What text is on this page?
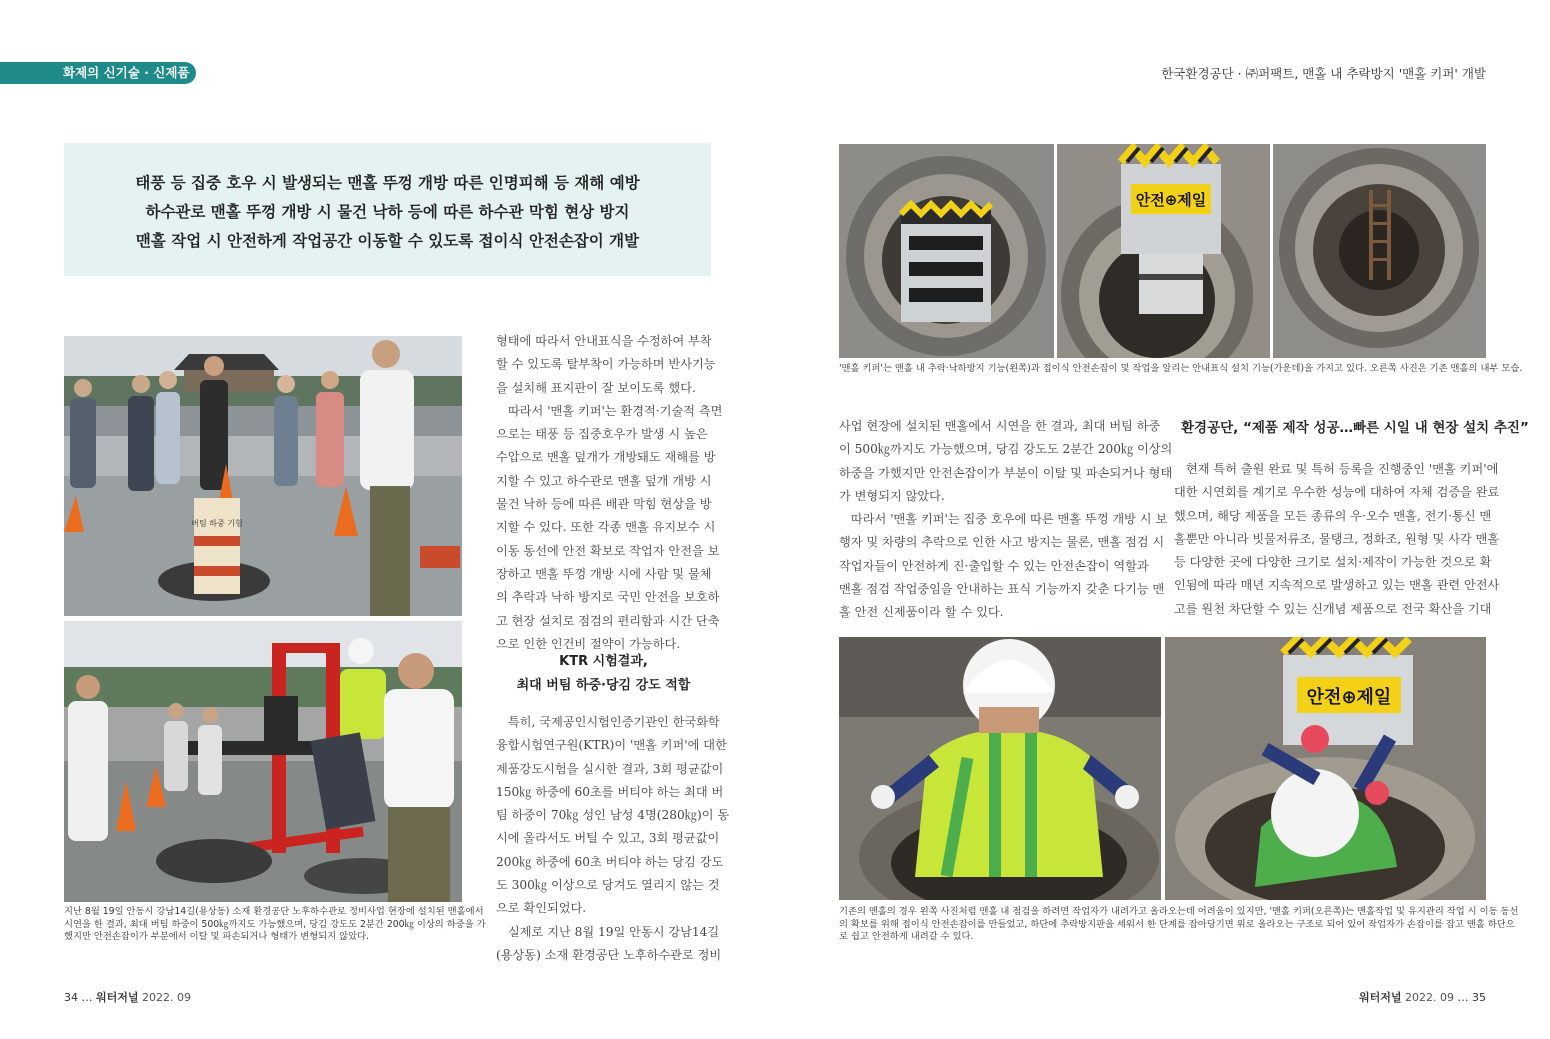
화제의 신기술 · 신제품	한국환경공단 · ㈜퍼팩트, 맨홀 내 추락방지 '맨홀 키퍼' 개발
태풍 등 집중 호우 시 발생되는 맨홀 뚜껑 개방 따른 인명피해 등 재해 예방
하수관로 맨홀 뚜껑 개방 시 물건 낙하 등에 따른 하수관 막힘 현상 방지
맨홀 작업 시 안전하게 작업공간 이동할 수 있도록 접이식 안전손잡이 개발
버팀 하중 기험
지난 8월 19일 안동시 강남14길(용상동) 소재 환경공단 노후하수관로 정비사업 현장에 설치된 맨홀에서
시연을 한 결과, 최대 버팀 하중이 500㎏까지도 가능했으며, 당김 강도도 2분간 200㎏ 이상의 하중을 가
했지만 안전손잡이가 부분에서 이탈 및 파손되거나 형태가 변형되지 않았다.

형태에 따라서 안내표식을 수정하여 부착

할 수 있도록 탈부착이 가능하며 반사기능

을 설치해 표지판이 잘 보이도록 했다.

따라서 '맨홀 키퍼'는 환경적·기술적 측면

으로는 태풍 등 집중호우가 발생 시 높은

수압으로 맨홀 덮개가 개방돼도 재해를 방

지할 수 있고 하수관로 맨홀 덮개 개방 시

물건 낙하 등에 따른 배관 막힘 현상을 방

지할 수 있다. 또한 각종 맨홀 유지보수 시

이동 동선에 안전 확보로 작업자 안전을 보

장하고 맨홀 뚜껑 개방 시에 사람 및 물체

의 추락과 낙하 방지로 국민 안전을 보호하

고 현장 설치로 점검의 편리함과 시간 단축

으로 인한 인건비 절약이 가능하다.

KTR 시험결과,
최대 버팀 하중·당김 강도 적합

특히, 국제공인시험인증기관인 한국화학

융합시험연구원(KTR)이 '맨홀 키퍼'에 대한

제품강도시험을 실시한 결과, 3회 평균값이

150㎏ 하중에 60초를 버티야 하는 최대 버

팀 하중이 70㎏ 성인 남성 4명(280㎏)이 동

시에 올라서도 버틸 수 있고, 3회 평균값이

200㎏ 하중에 60초 버티야 하는 당김 강도

도 300㎏ 이상으로 당겨도 열리지 않는 것

으로 확인되었다.

실제로 지난 8월 19일 안동시 강남14길

(용상동) 소재 환경공단 노후하수관로 정비

안전⊕제일
'맨홀 키퍼'는 맨홀 내 추락·낙하방지 기능(왼쪽)과 접이식 안전손잡이 및 작업을 알리는 안내표식 설치 기능(가운데)을 가지고 있다. 오른쪽 사진은 기존 맨홀의 내부 모습.

사업 현장에 설치된 맨홀에서 시연을 한 결과, 최대 버팀 하중

이 500㎏까지도 가능했으며, 당김 강도도 2분간 200㎏ 이상의

하중을 가했지만 안전손잡이가 부분이 이탈 및 파손되거나 형태

가 변형되지 않았다.

따라서 '맨홀 키퍼'는 집중 호우에 따른 맨홀 뚜껑 개방 시 보

행자 및 차량의 추락으로 인한 사고 방지는 물론, 맨홀 점검 시

작업자들이 안전하게 진·출입할 수 있는 안전손잡이 역할과

맨홀 점검 작업중임을 안내하는 표식 기능까지 갖춘 다기능 맨

홀 안전 신제품이라 할 수 있다.

환경공단, “제품 제작 성공…빠른 시일 내 현장 설치 추진”

현재 특허 출원 완료 및 특허 등록을 진행중인 '맨홀 키퍼'에

대한 시연회를 계기로 우수한 성능에 대하여 자체 검증을 완료

했으며, 해당 제품을 모든 종류의 우·오수 맨홀, 전기·통신 맨

홀뿐만 아니라 빗물저류조, 물탱크, 정화조, 원형 및 사각 맨홀

등 다양한 곳에 다양한 크기로 설치·제작이 가능한 것으로 확

인됨에 따라 매년 지속적으로 발생하고 있는 맨홀 관련 안전사

고를 원천 차단할 수 있는 신개념 제품으로 전국 확산을 기대

안전⊕제일
기존의 맨홀의 경우 왼쪽 사진처럼 맨홀 내 점검을 하려면 작업자가 내려가고 올라오는데 어려움이 있지만, '맨홀 키퍼(오른쪽)는 맨홀작업 및 유지관리 작업 시 이동 동선
의 확보를 위해 접이식 안전손잡이를 만들었고, 하단에 추락방지판을 세워서 한 단계를 잡아당기면 위로 올라오는 구조로 되어 있어 작업자가 손잡이를 잡고 맨홀 하단으
로 쉽고 안전하게 내려갈 수 있다.
34 … 워터저널 2022. 09	워터저널 2022. 09 … 35
